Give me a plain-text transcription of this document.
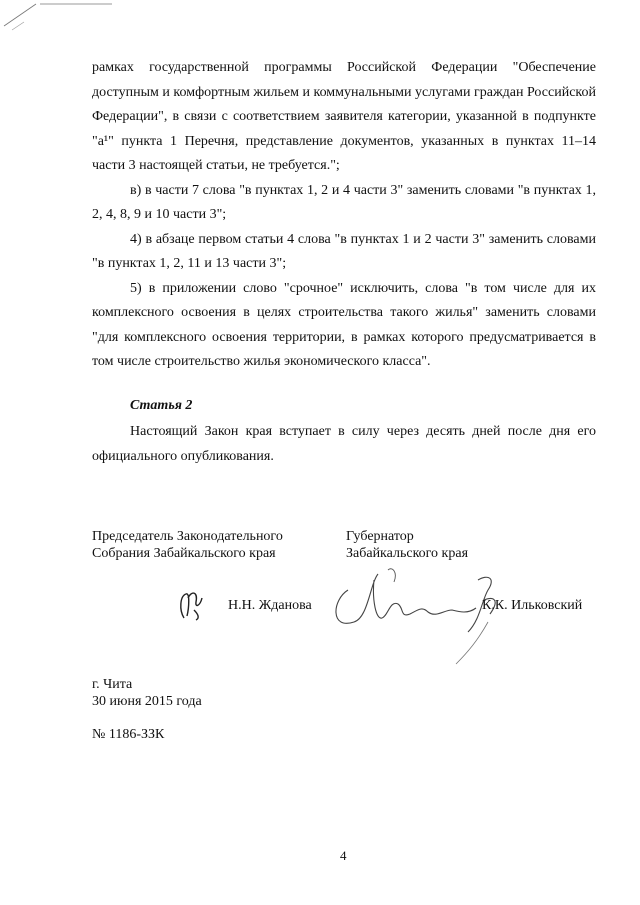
рамках государственной программы Российской Федерации "Обеспечение доступным и комфортным жильем и коммунальными услугами граждан Российской Федерации", в связи с соответствием заявителя категории, указанной в подпункте "а¹" пункта 1 Перечня, представление документов, указанных в пунктах 11–14 части 3 настоящей статьи, не требуется.";

в) в части 7 слова "в пунктах 1, 2 и 4 части 3" заменить словами "в пунктах 1, 2, 4, 8, 9 и 10 части 3";

4) в абзаце первом статьи 4 слова "в пунктах 1 и 2 части 3" заменить словами "в пунктах 1, 2, 11 и 13 части 3";

5) в приложении слово "срочное" исключить, слова "в том числе для их комплексного освоения в целях строительства такого жилья" заменить словами "для комплексного освоения территории, в рамках которого предусматривается в том числе строительство жилья экономического класса".

Статья 2

Настоящий Закон края вступает в силу через десять дней после дня его официального опубликования.

Председатель Законодательного
Собрания Забайкальского края

Губернатор
Забайкальского края

Н.Н. Жданова	К.К. Ильковский

г. Чита
30 июня 2015 года

№ 1186-ЗЗК

4
